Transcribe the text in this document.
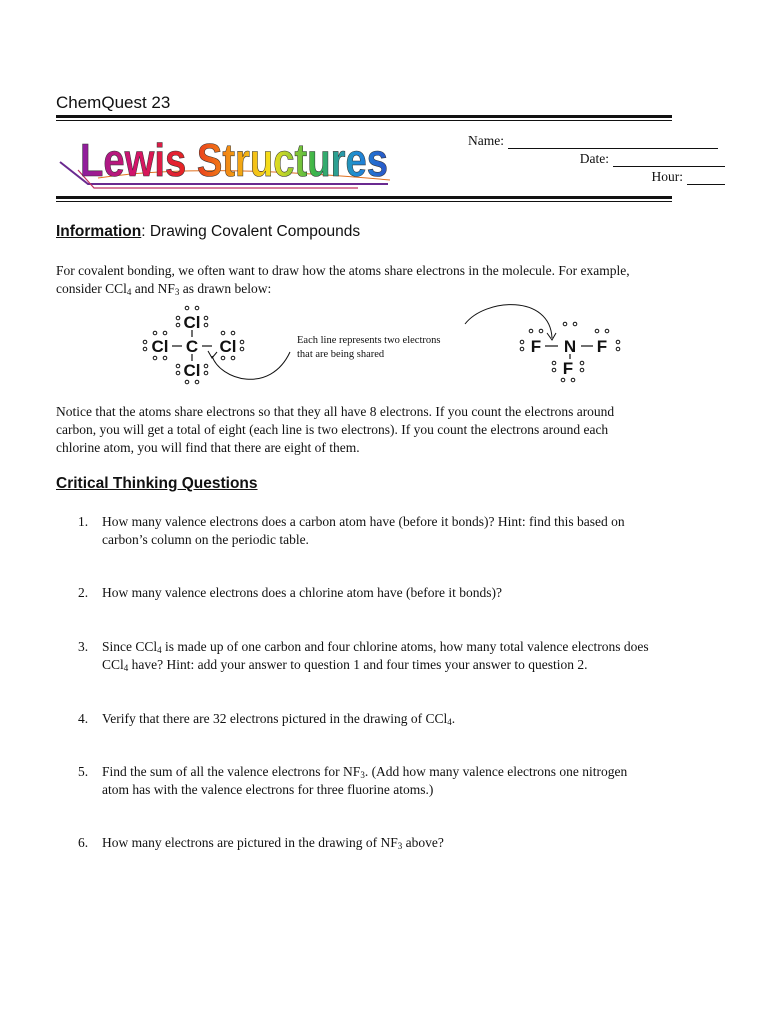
ChemQuest 23
Lewis Structures	Name:
Date:
Hour:
Information: Drawing Covalent Compounds
For covalent bonding, we often want to draw how the atoms share electrons in the molecule. For example,
consider CCl$_4$ and $NF_3$ as drawn below:
C
Cl
Cl	Cl
Cl
N
F	F
F
Each line represents two electrons
that are being shared
Notice that the atoms share electrons so that they all have 8 electrons. If you count the electrons around
carbon, you will get a total of eight (each line is two electrons). If you count the electrons around each
chlorine atom, you will find that there are eight of them.
Critical Thinking Questions
1.	How many valence electrons does a carbon atom have (before it bonds)? Hint: find this based on
carbon’s column on the periodic table.
2.	How many valence electrons does a chlorine atom have (before it bonds)?
3.	Since CCl$_4$ is made up of one carbon and four chlorine atoms, how many total valence electrons does
CCl$_4$ have? Hint: add your answer to question 1 and four times your answer to question 2.
4.	Verify that there are 32 electrons pictured in the drawing of CCl$_4$.
5.	Find the sum of all the valence electrons for $NF_3$. (Add how many valence electrons one nitrogen
atom has with the valence electrons for three fluorine atoms.)
6.	How many electrons are pictured in the drawing of $NF_3$ above?
